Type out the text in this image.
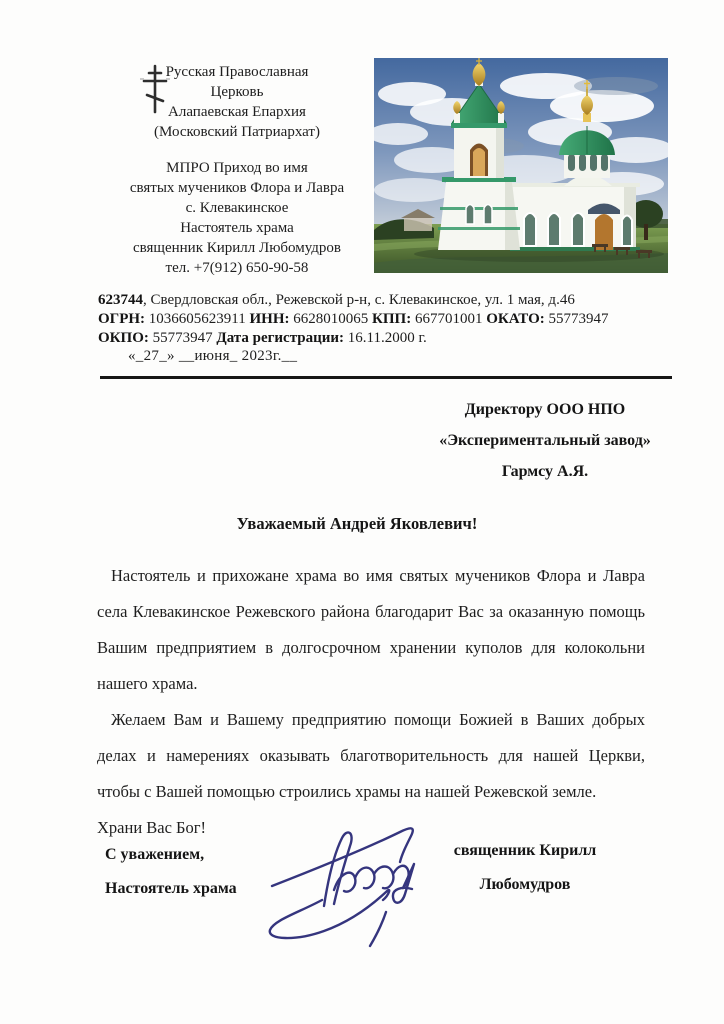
Русская Православная
Церковь
Алапаевская Епархия
(Московский Патриархат)
МПРО Приход во имя
святых мучеников Флора и Лавра
с. Клевакинское
Настоятель храма
священник Кирилл Любомудров
тел. +7(912) 650-90-58
623744, Свердловская обл., Режевской р-н, с. Клевакинское, ул. 1 мая, д.46
ОГРН: 1036605623911 ИНН: 6628010065 КПП: 667701001 ОКАТО: 55773947
ОКПО: 55773947 Дата регистрации: 16.11.2000 г.
«_27_» __июня_ 2023г.__
Директору ООО НПО
«Экспериментальный завод»
Гармсу А.Я.
Уважаемый Андрей Яковлевич!

Настоятель и прихожане храма во имя святых мучеников Флора и Лавра села Клевакинское Режевского района благодарит Вас за оказанную помощь Вашим предприятием в долгосрочном хранении куполов для колокольни нашего храма.

Желаем Вам и Вашему предприятию помощи Божией в Ваших добрых делах и намерениях оказывать благотворительность для нашей Церкви, чтобы с Вашей помощью строились храмы на нашей Режевской земле.

Храни Вас Бог!

С уважением,
Настоятель храма
священник Кирилл
Любомудров
